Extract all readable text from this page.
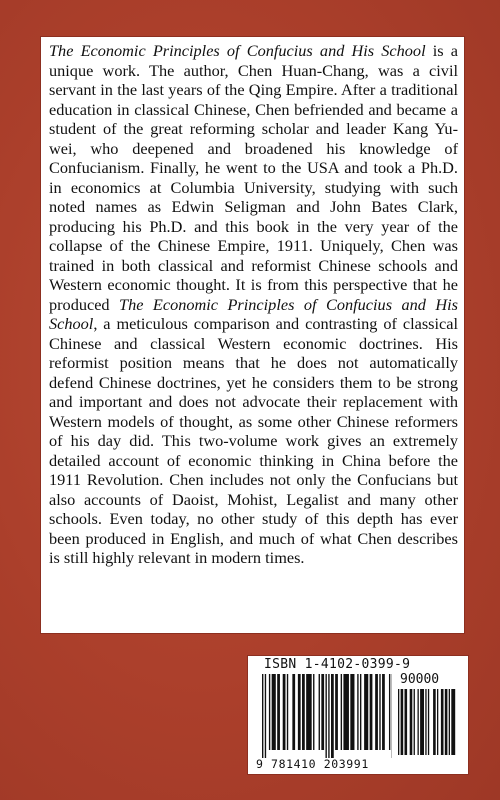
The Economic Principles of Confucius and His School is a unique work. The author, Chen Huan-Chang, was a civil servant in the last years of the Qing Empire. After a traditional education in classical Chinese, Chen befriended and became a student of the great reforming scholar and leader Kang Yu-wei, who deepened and broadened his knowledge of Confucianism. Finally, he went to the USA and took a Ph.D. in economics at Columbia University, studying with such noted names as Edwin Seligman and John Bates Clark, producing his Ph.D. and this book in the very year of the collapse of the Chinese Empire, 1911. Uniquely, Chen was trained in both classical and reformist Chinese schools and Western economic thought. It is from this perspective that he produced The Economic Principles of Confucius and His School, a meticulous comparison and contrasting of classical Chinese and classical Western economic doctrines. His reformist position means that he does not automatically defend Chinese doctrines, yet he considers them to be strong and important and does not advocate their replacement with Western models of thought, as some other Chinese reformers of his day did. This two-volume work gives an extremely detailed account of economic thinking in China before the 1911 Revolution. Chen includes not only the Confucians but also accounts of Daoist, Mohist, Legalist and many other schools. Even today, no other study of this depth has ever been produced in English, and much of what Chen describes is still highly relevant in modern times.

ISBN 1-4102-0399-9
90000
9 781410 203991
